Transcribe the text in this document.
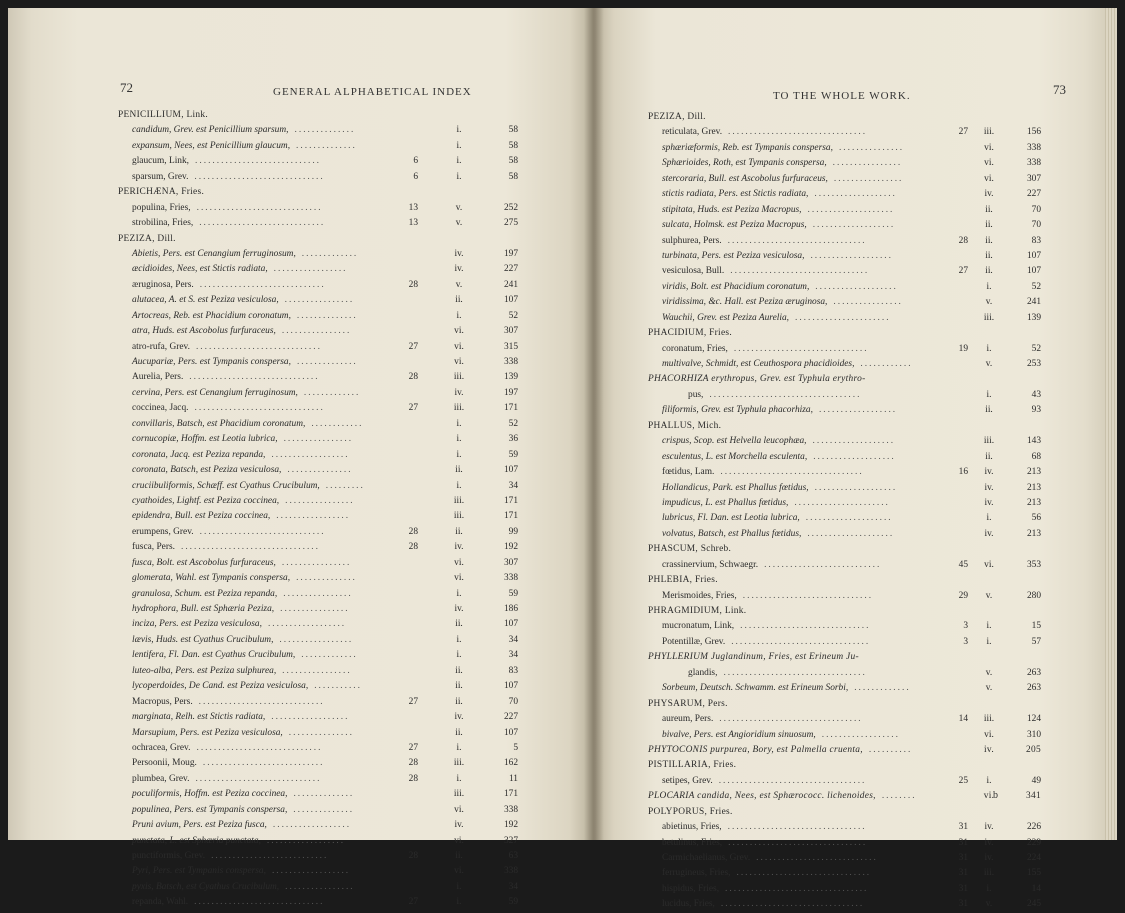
72	GENERAL ALPHABETICAL INDEX
PENICILLIUM, Link.
candidum, Grev. est Penicillium sparsum, ..............	i.	58
expansum, Nees, est Penicillium glaucum, ..............	i.	58
glaucum, Link, .............................	6	i.	58
sparsum, Grev. ..............................	6	i.	58
PERICHÆNA, Fries.
populina, Fries, .............................	13	v.	252
strobilina, Fries, .............................	13	v.	275
PEZIZA, Dill.
Abietis, Pers. est Cenangium ferruginosum, .............	iv.	197
æcidioides, Nees, est Stictis radiata, .................	iv.	227
æruginosa, Pers. .............................	28	v.	241
alutacea, A. et S. est Peziza vesiculosa, ................	ii.	107
Artocreas, Reb. est Phacidium coronatum, ..............	i.	52
atra, Huds. est Ascobolus furfuraceus, ................	vi.	307
atro-rufa, Grev. .............................	27	vi.	315
Aucupariæ, Pers. est Tympanis conspersa, ..............	vi.	338
Aurelia, Pers. ..............................	28	iii.	139
cervina, Pers. est Cenangium ferruginosum, .............	iv.	197
coccinea, Jacq. ..............................	27	iii.	171
convillaris, Batsch, est Phacidium coronatum, ............	i.	52
cornucopiæ, Hoffm. est Leotia lubrica, ................	i.	36
coronata, Jacq. est Peziza repanda, ..................	i.	59
coronata, Batsch, est Peziza vesiculosa, ...............	ii.	107
cruciibuliformis, Schæff. est Cyathus Crucibulum, .........	i.	34
cyathoides, Lightf. est Peziza coccinea, ................	iii.	171
epidendra, Bull. est Peziza coccinea, .................	iii.	171
erumpens, Grev. .............................	28	ii.	99
fusca, Pers. ................................	28	iv.	192
fusca, Bolt. est Ascobolus furfuraceus, ................	vi.	307
glomerata, Wahl. est Tympanis conspersa, ..............	vi.	338
granulosa, Schum. est Peziza repanda, ................	i.	59
hydrophora, Bull. est Sphæria Peziza, ................	iv.	186
inciza, Pers. est Peziza vesiculosa, ..................	ii.	107
lævis, Huds. est Cyathus Crucibulum, .................	i.	34
lentifera, Fl. Dan. est Cyathus Crucibulum, .............	i.	34
luteo-alba, Pers. est Peziza sulphurea, ................	ii.	83
lycoperdoides, De Cand. est Peziza vesiculosa, ...........	ii.	107
Macropus, Pers. .............................	27	ii.	70
marginata, Relh. est Stictis radiata, ..................	iv.	227
Marsupium, Pers. est Peziza vesiculosa, ...............	ii.	107
ochracea, Grev. .............................	27	i.	5
Persoonii, Moug. ............................	28	iii.	162
plumbea, Grev. .............................	28	i.	11
poculiformis, Hoffm. est Peziza coccinea, ..............	iii.	171
populinea, Pers. est Tympanis conspersa, ..............	vi.	338
Pruni avium, Pers. est Peziza fusca, ..................	iv.	192
punctata, L. est Sphæria punctata, ..................	vi.	327
punctiformis, Grev. ...........................	28	ii.	63
Pyri, Pers. est Tympanis conspersa, ..................	vi.	338
pyxis, Batsch, est Cyathus Crucibulum, ................	i.	34
repanda, Wahl. ..............................	27	i.	59
TO THE WHOLE WORK.	73
PEZIZA, Dill.
reticulata, Grev. ................................	27	iii.	156
sphæriæformis, Reb. est Tympanis conspersa, ...............	vi.	338
Sphærioides, Roth, est Tympanis conspersa, ................	vi.	338
stercoraria, Bull. est Ascobolus furfuraceus, ................	vi.	307
stictis radiata, Pers. est Stictis radiata, ...................	iv.	227
stipitata, Huds. est Peziza Macropus, ....................	ii.	70
sulcata, Holmsk. est Peziza Macropus, ...................	ii.	70
sulphurea, Pers. ................................	28	ii.	83
turbinata, Pers. est Peziza vesiculosa, ...................	ii.	107
vesiculosa, Bull. ................................	27	ii.	107
viridis, Bolt. est Phacidium coronatum, ...................	i.	52
viridissima, &c. Hall. est Peziza æruginosa, ................	v.	241
Wauchii, Grev. est Peziza Aurelia, ......................	iii.	139
PHACIDIUM, Fries.
coronatum, Fries, ...............................	19	i.	52
multivalve, Schmidt, est Ceuthospora phacidioides, ............	v.	253
PHACORHIZA erythropus, Grev. est Typhula erythro-
pus, ...................................	i.	43
filiformis, Grev. est Typhula phacorhiza, ..................	ii.	93
PHALLUS, Mich.
crispus, Scop. est Helvella leucophæa, ...................	iii.	143
esculentus, L. est Morchella esculenta, ...................	ii.	68
fœtidus, Lam. .................................	16	iv.	213
Hollandicus, Park. est Phallus fœtidus, ...................	iv.	213
impudicus, L. est Phallus fœtidus, ......................	iv.	213
lubricus, Fl. Dan. est Leotia lubrica, ....................	i.	56
volvatus, Batsch, est Phallus fœtidus, ....................	iv.	213
PHASCUM, Schreb.
crassinervium, Schwaegr. ...........................	45	vi.	353
PHLEBIA, Fries.
Merismoides, Fries, ..............................	29	v.	280
PHRAGMIDIUM, Link.
mucronatum, Link, ..............................	3	i.	15
Potentillæ, Grev. ................................	3	i.	57
PHYLLERIUM Juglandinum, Fries, est Erineum Ju-
glandis, .................................	v.	263
Sorbeum, Deutsch. Schwamm. est Erineum Sorbi, .............	v.	263
PHYSARUM, Pers.
aureum, Pers. .................................	14	iii.	124
bivalve, Pers. est Angioridium sinuosum, ..................	vi.	310
PHYTOCONIS purpurea, Bory, est Palmella cruenta, ..........	iv.	205
PISTILLARIA, Fries.
setipes, Grev. ..................................	25	i.	49
PLOCARIA candida, Nees, est Sphærococc. lichenoides, ........	vi.	341
POLYPORUS, Fries.
abietinus, Fries, ................................	31	iv.	226
betulinus, Fries, ................................	31	iv.	229
Carmichaelianus, Grev. ............................	31	iv.	224
ferrugineus, Fries, ...............................	31	iii.	155
hispidus, Fries, .................................	31	i.	14
lucidus, Fries, .................................	31	v.	245
b
